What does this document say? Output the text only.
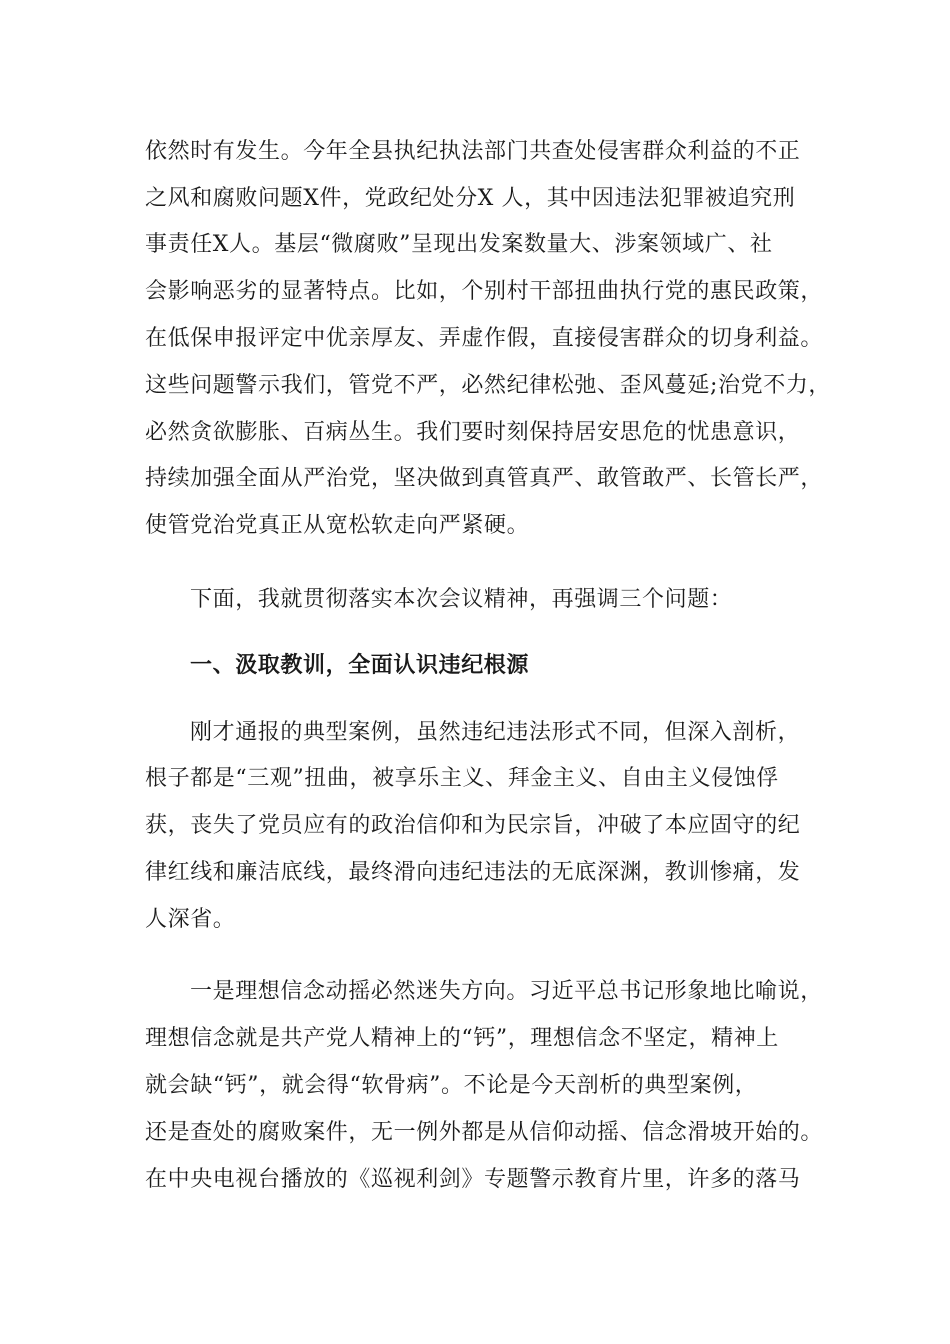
依然时有发生。今年全县执纪执法部门共查处侵害群众利益的不正
之风和腐败问题Ⅹ件，党政纪处分Ⅹ 人，其中因违法犯罪被追究刑
事责任Ⅹ人。基层“微腐败”呈现出发案数量大、涉案领域广、社
会影响恶劣的显著特点。比如，个别村干部扭曲执行党的惠民政策，
在低保申报评定中优亲厚友、弄虚作假，直接侵害群众的切身利益。
这些问题警示我们，管党不严，必然纪律松弛、歪风蔓延;治党不力，
必然贪欲膨胀、百病丛生。我们要时刻保持居安思危的忧患意识，
持续加强全面从严治党，坚决做到真管真严、敢管敢严、长管长严，
使管党治党真正从宽松软走向严紧硬。
下面，我就贯彻落实本次会议精神，再强调三个问题：
一、汲取教训，全面认识违纪根源
刚才通报的典型案例，虽然违纪违法形式不同，但深入剖析，
根子都是“三观”扭曲，被享乐主义、拜金主义、自由主义侵蚀俘
获，丧失了党员应有的政治信仰和为民宗旨，冲破了本应固守的纪
律红线和廉洁底线，最终滑向违纪违法的无底深渊，教训惨痛，发
人深省。
一是理想信念动摇必然迷失方向。习近平总书记形象地比喻说，
理想信念就是共产党人精神上的“钙”，理想信念不坚定，精神上
就会缺“钙”，就会得“软骨病”。不论是今天剖析的典型案例，
还是查处的腐败案件，无一例外都是从信仰动摇、信念滑坡开始的。
在中央电视台播放的《巡视利剑》专题警示教育片里，许多的落马
